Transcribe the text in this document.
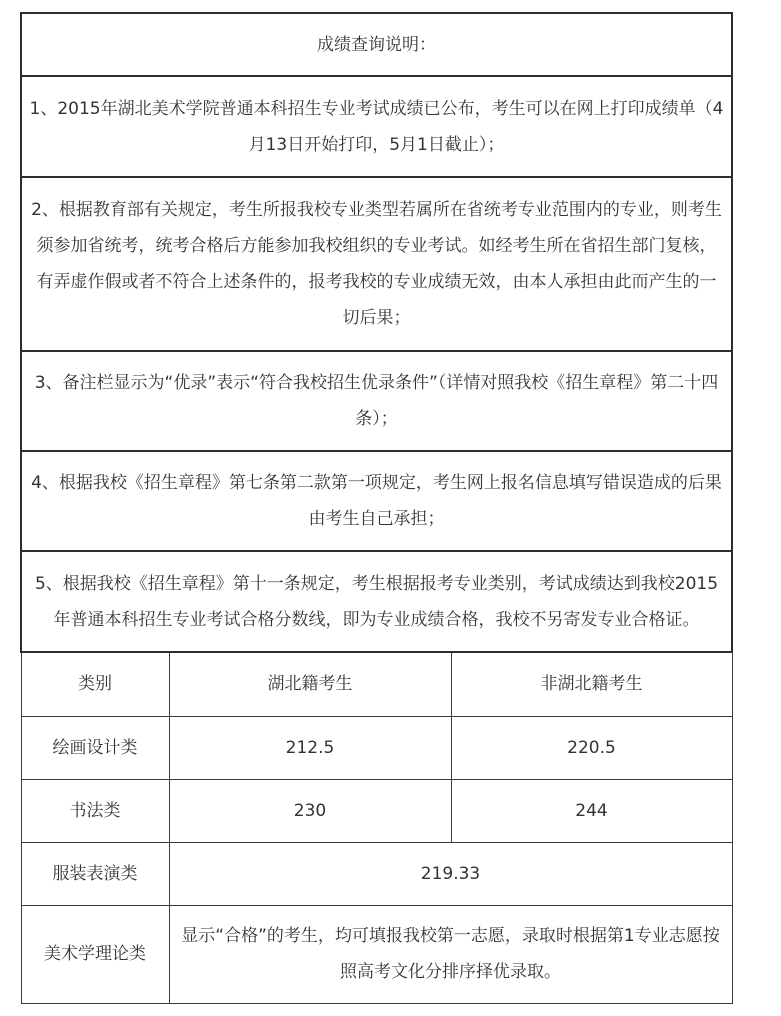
成绩查询说明：		
1、2015年湖北美术学院普通本科招生专业考试成绩已公布，考生可以在网上打印成绩单（4月13日开始打印，5月1日截止）；		
2、根据教育部有关规定，考生所报我校专业类型若属所在省统考专业范围内的专业，则考生须参加省统考，统考合格后方能参加我校组织的专业考试。如经考生所在省招生部门复核，有弄虚作假或者不符合上述条件的，报考我校的专业成绩无效，由本人承担由此而产生的一切后果；		
3、备注栏显示为“优录”表示“符合我校招生优录条件”（详情对照我校《招生章程》第二十四条）；		
4、根据我校《招生章程》第七条第二款第一项规定，考生网上报名信息填写错误造成的后果由考生自己承担；		
5、根据我校《招生章程》第十一条规定，考生根据报考专业类别，考试成绩达到我校2015年普通本科招生专业考试合格分数线，即为专业成绩合格，我校不另寄发专业合格证。		
类别	湖北籍考生	非湖北籍考生
绘画设计类	212.5	220.5
书法类	230	244
服装表演类	219.33	
美术学理论类	显示“合格”的考生，均可填报我校第一志愿，录取时根据第1专业志愿按照高考文化分排序择优录取。	
